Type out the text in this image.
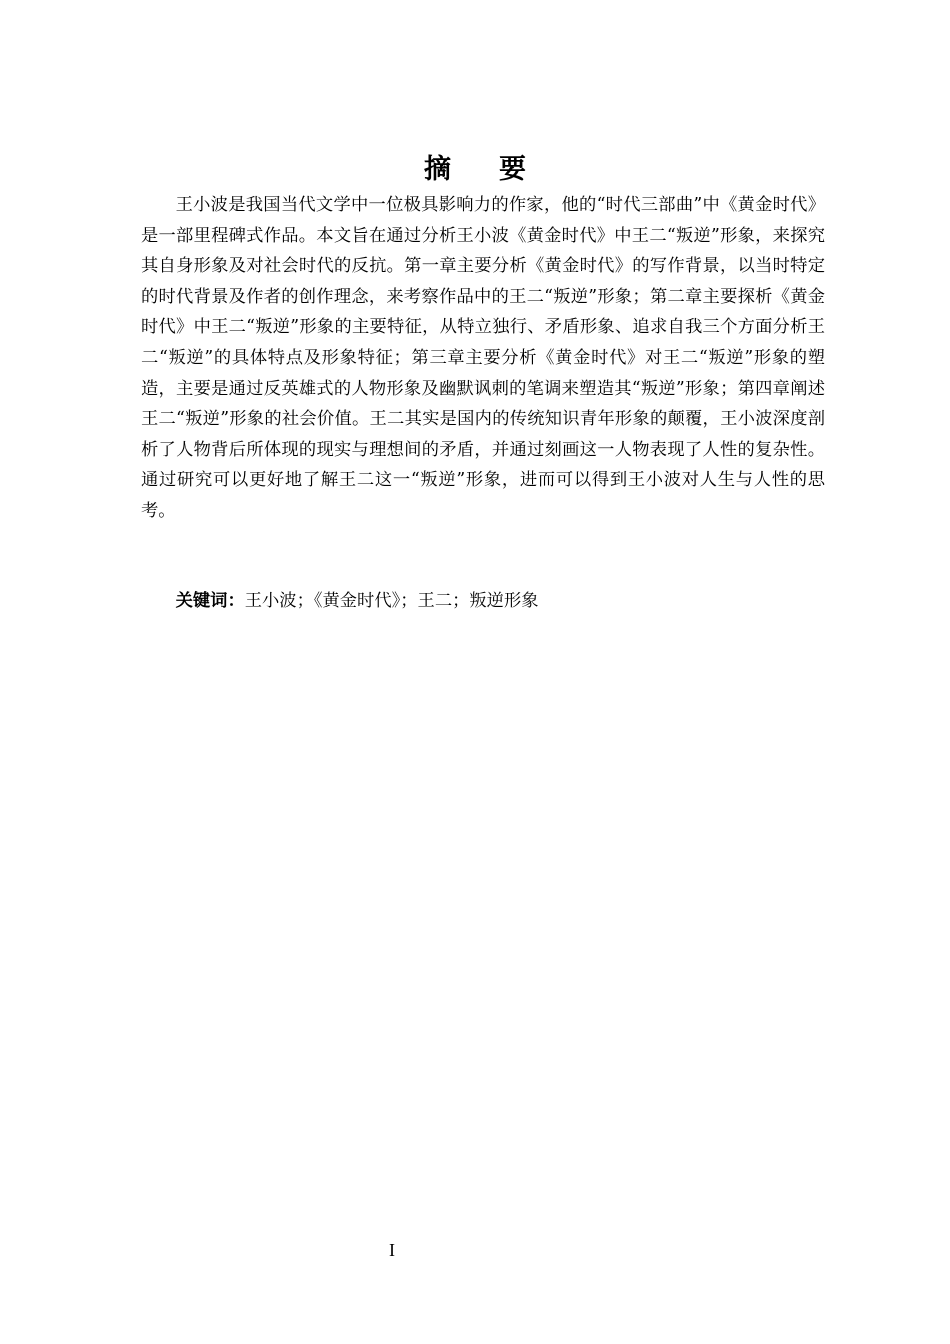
摘 要

王小波是我国当代文学中一位极具影响力的作家，他的“时代三部曲”中《黄金时代》是一部里程碑式作品。本文旨在通过分析王小波《黄金时代》中王二“叛逆”形象，来探究其自身形象及对社会时代的反抗。第一章主要分析《黄金时代》的写作背景，以当时特定的时代背景及作者的创作理念，来考察作品中的王二“叛逆”形象；第二章主要探析《黄金时代》中王二“叛逆”形象的主要特征，从特立独行、矛盾形象、追求自我三个方面分析王二“叛逆”的具体特点及形象特征；第三章主要分析《黄金时代》对王二“叛逆”形象的塑造，主要是通过反英雄式的人物形象及幽默讽刺的笔调来塑造其“叛逆”形象；第四章阐述王二“叛逆”形象的社会价值。王二其实是国内的传统知识青年形象的颠覆，王小波深度剖析了人物背后所体现的现实与理想间的矛盾，并通过刻画这一人物表现了人性的复杂性。通过研究可以更好地了解王二这一“叛逆”形象，进而可以得到王小波对人生与人性的思考。

关键词：王小波；《黄金时代》；王二；叛逆形象

I
